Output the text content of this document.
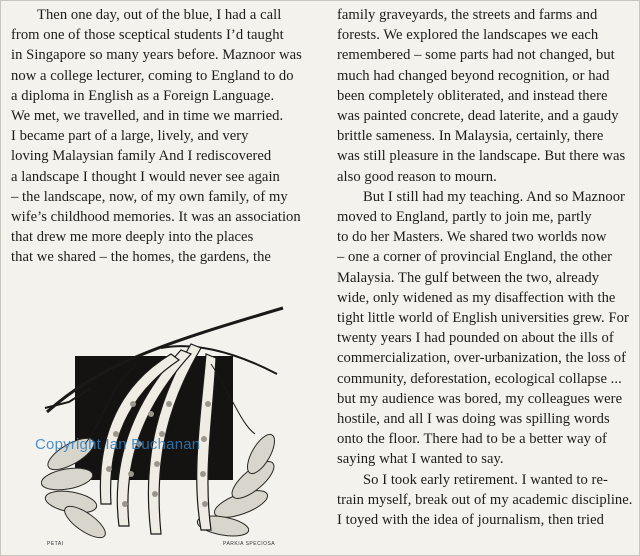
Then one day, out of the blue, I had a call
from one of those sceptical students I’d taught
in Singapore so many years before. Maznoor was
now a college lecturer, coming to England to do
a diploma in English as a Foreign Language.
We met, we travelled, and in time we married.
I became part of a large, lively, and very
loving Malaysian family And I rediscovered
a landscape I thought I would never see again
– the landscape, now, of my own family, of my
wife’s childhood memories. It was an association
that drew me more deeply into the places
that we shared – the homes, the gardens, the
family graveyards, the streets and farms and
forests. We explored the landscapes we each
remembered – some parts had not changed, but
much had changed beyond recognition, or had
been completely obliterated, and instead there
was painted concrete, dead laterite, and a gaudy
brittle sameness. In Malaysia, certainly, there
was still pleasure in the landscape. But there was
also good reason to mourn.
But I still had my teaching. And so Maznoor
moved to England, partly to join me, partly
to do her Masters. We shared two worlds now
– one a corner of provincial England, the other
Malaysia. The gulf between the two, already
wide, only widened as my disaffection with the
tight little world of English universities grew. For
twenty years I had pounded on about the ills of
commercialization, over-urbanization, the loss of
community, deforestation, ecological collapse ...
but my audience was bored, my colleagues were
hostile, and all I was doing was spilling words
onto the floor. There had to be a better way of
saying what I wanted to say.
So I took early retirement. I wanted to re-
train myself, break out of my academic discipline.
I toyed with the idea of journalism, then tried
Copyright Ian Buchanan
PETAI	PARKIA SPECIOSA
